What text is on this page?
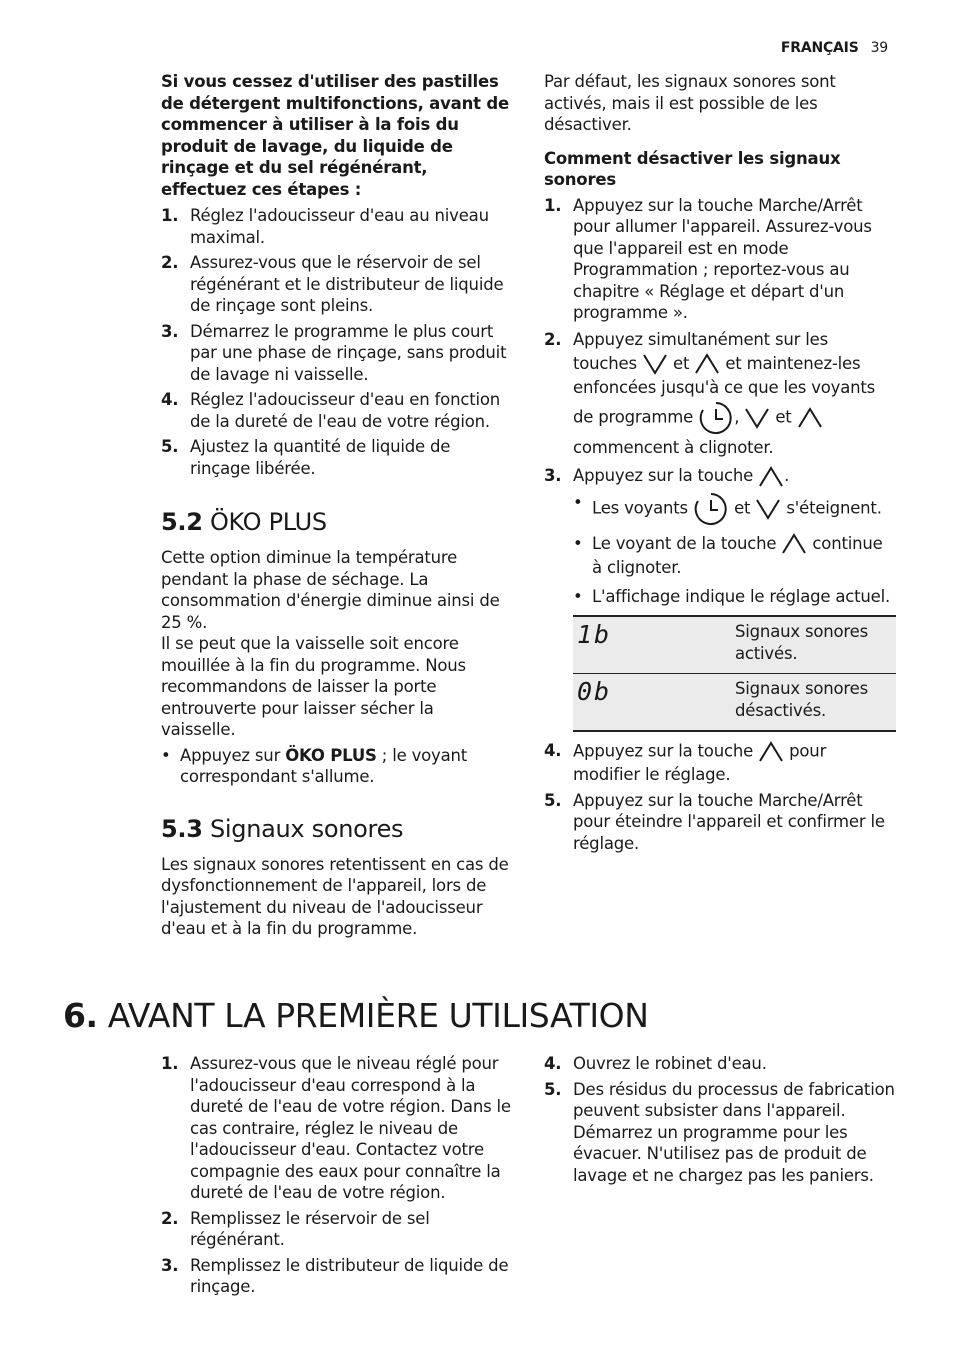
FRANÇAIS 39

Si vous cessez d'utiliser des pastilles de détergent multifonctions, avant de commencer à utiliser à la fois du produit de lavage, du liquide de rinçage et du sel régénérant, effectuez ces étapes :

1. Réglez l'adoucisseur d'eau au niveau maximal.
2. Assurez-vous que le réservoir de sel régénérant et le distributeur de liquide de rinçage sont pleins.
3. Démarrez le programme le plus court par une phase de rinçage, sans produit de lavage ni vaisselle.
4. Réglez l'adoucisseur d'eau en fonction de la dureté de l'eau de votre région.
5. Ajustez la quantité de liquide de rinçage libérée.
5.2 ÖKO PLUS

Cette option diminue la température pendant la phase de séchage. La consommation d'énergie diminue ainsi de 25 %.

Il se peut que la vaisselle soit encore mouillée à la fin du programme. Nous recommandons de laisser la porte entrouverte pour laisser sécher la vaisselle.

• Appuyez sur ÖKO PLUS ; le voyant correspondant s'allume.
5.3 Signaux sonores

Les signaux sonores retentissent en cas de dysfonctionnement de l'appareil, lors de l'ajustement du niveau de l'adoucisseur d'eau et à la fin du programme.

Par défaut, les signaux sonores sont activés, mais il est possible de les désactiver.

Comment désactiver les signaux sonores

1. Appuyez sur la touche Marche/Arrêt pour allumer l'appareil. Assurez-vous que l'appareil est en mode Programmation ; reportez-vous au chapitre « Réglage et départ d'un programme ».
2. Appuyez simultanément sur les touches et et maintenez-les enfoncées jusqu'à ce que les voyants de programme , et  commencent à clignoter.
3. Appuyez sur la touche .
• Les voyants	et s'éteignent.
• Le voyant de la touche continue à clignoter.
• L'affichage indique le réglage actuel.
1b	Signaux sonores activés.
0b	Signaux sonores désactivés.
4. Appuyez sur la touche pour modifier le réglage.
5. Appuyez sur la touche Marche/Arrêt pour éteindre l'appareil et confirmer le réglage.
6. AVANT LA PREMIÈRE UTILISATION
1. Assurez-vous que le niveau réglé pour l'adoucisseur d'eau correspond à la dureté de l'eau de votre région. Dans le cas contraire, réglez le niveau de l'adoucisseur d'eau. Contactez votre compagnie des eaux pour connaître la dureté de l'eau de votre région.
2. Remplissez le réservoir de sel régénérant.
3. Remplissez le distributeur de liquide de rinçage.
4. Ouvrez le robinet d'eau.
5. Des résidus du processus de fabrication peuvent subsister dans l'appareil. Démarrez un programme pour les évacuer. N'utilisez pas de produit de lavage et ne chargez pas les paniers.
